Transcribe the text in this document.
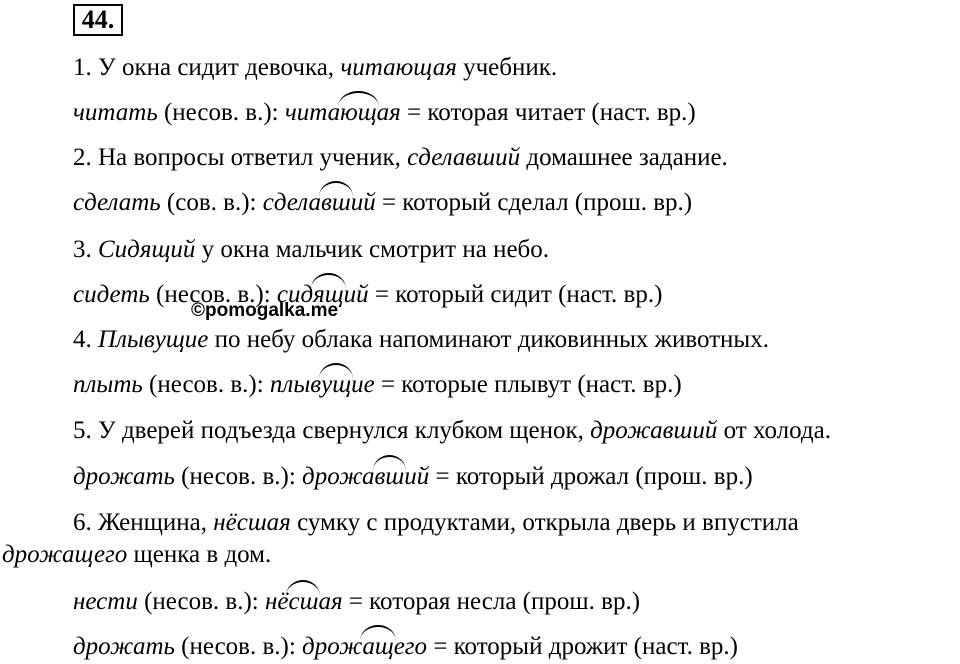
44.
1. У окна сидит девочка, читающая учебник.
читать (несов. в.): чита
ющая = которая читает (наст. вр.)
2. На вопросы ответил ученик, сделавший домашнее задание.
сделать (сов. в.): сдела
вший = который сделал (прош. вр.)
3. Сидящий у окна мальчик смотрит на небо.
сидеть (несов. в.): сид
ящий = который сидит (наст. вр.)
©pomogalka.me
4. Плывущие по небу облака напоминают диковинных животных.
плыть (несов. в.): плыв
ущие = которые плывут (наст. вр.)
5. У дверей подъезда свернулся клубком щенок, дрожавший от холода.
дрожать (несов. в.): дрожа
вший = который дрожал (прош. вр.)
6. Женщина, нёсшая сумку с продуктами, открыла дверь и впустила
дрожащего щенка в дом.
нести (несов. в.): нё
сшая = которая несла (прош. вр.)
дрожать (несов. в.): дрож
ащего = который дрожит (наст. вр.)
